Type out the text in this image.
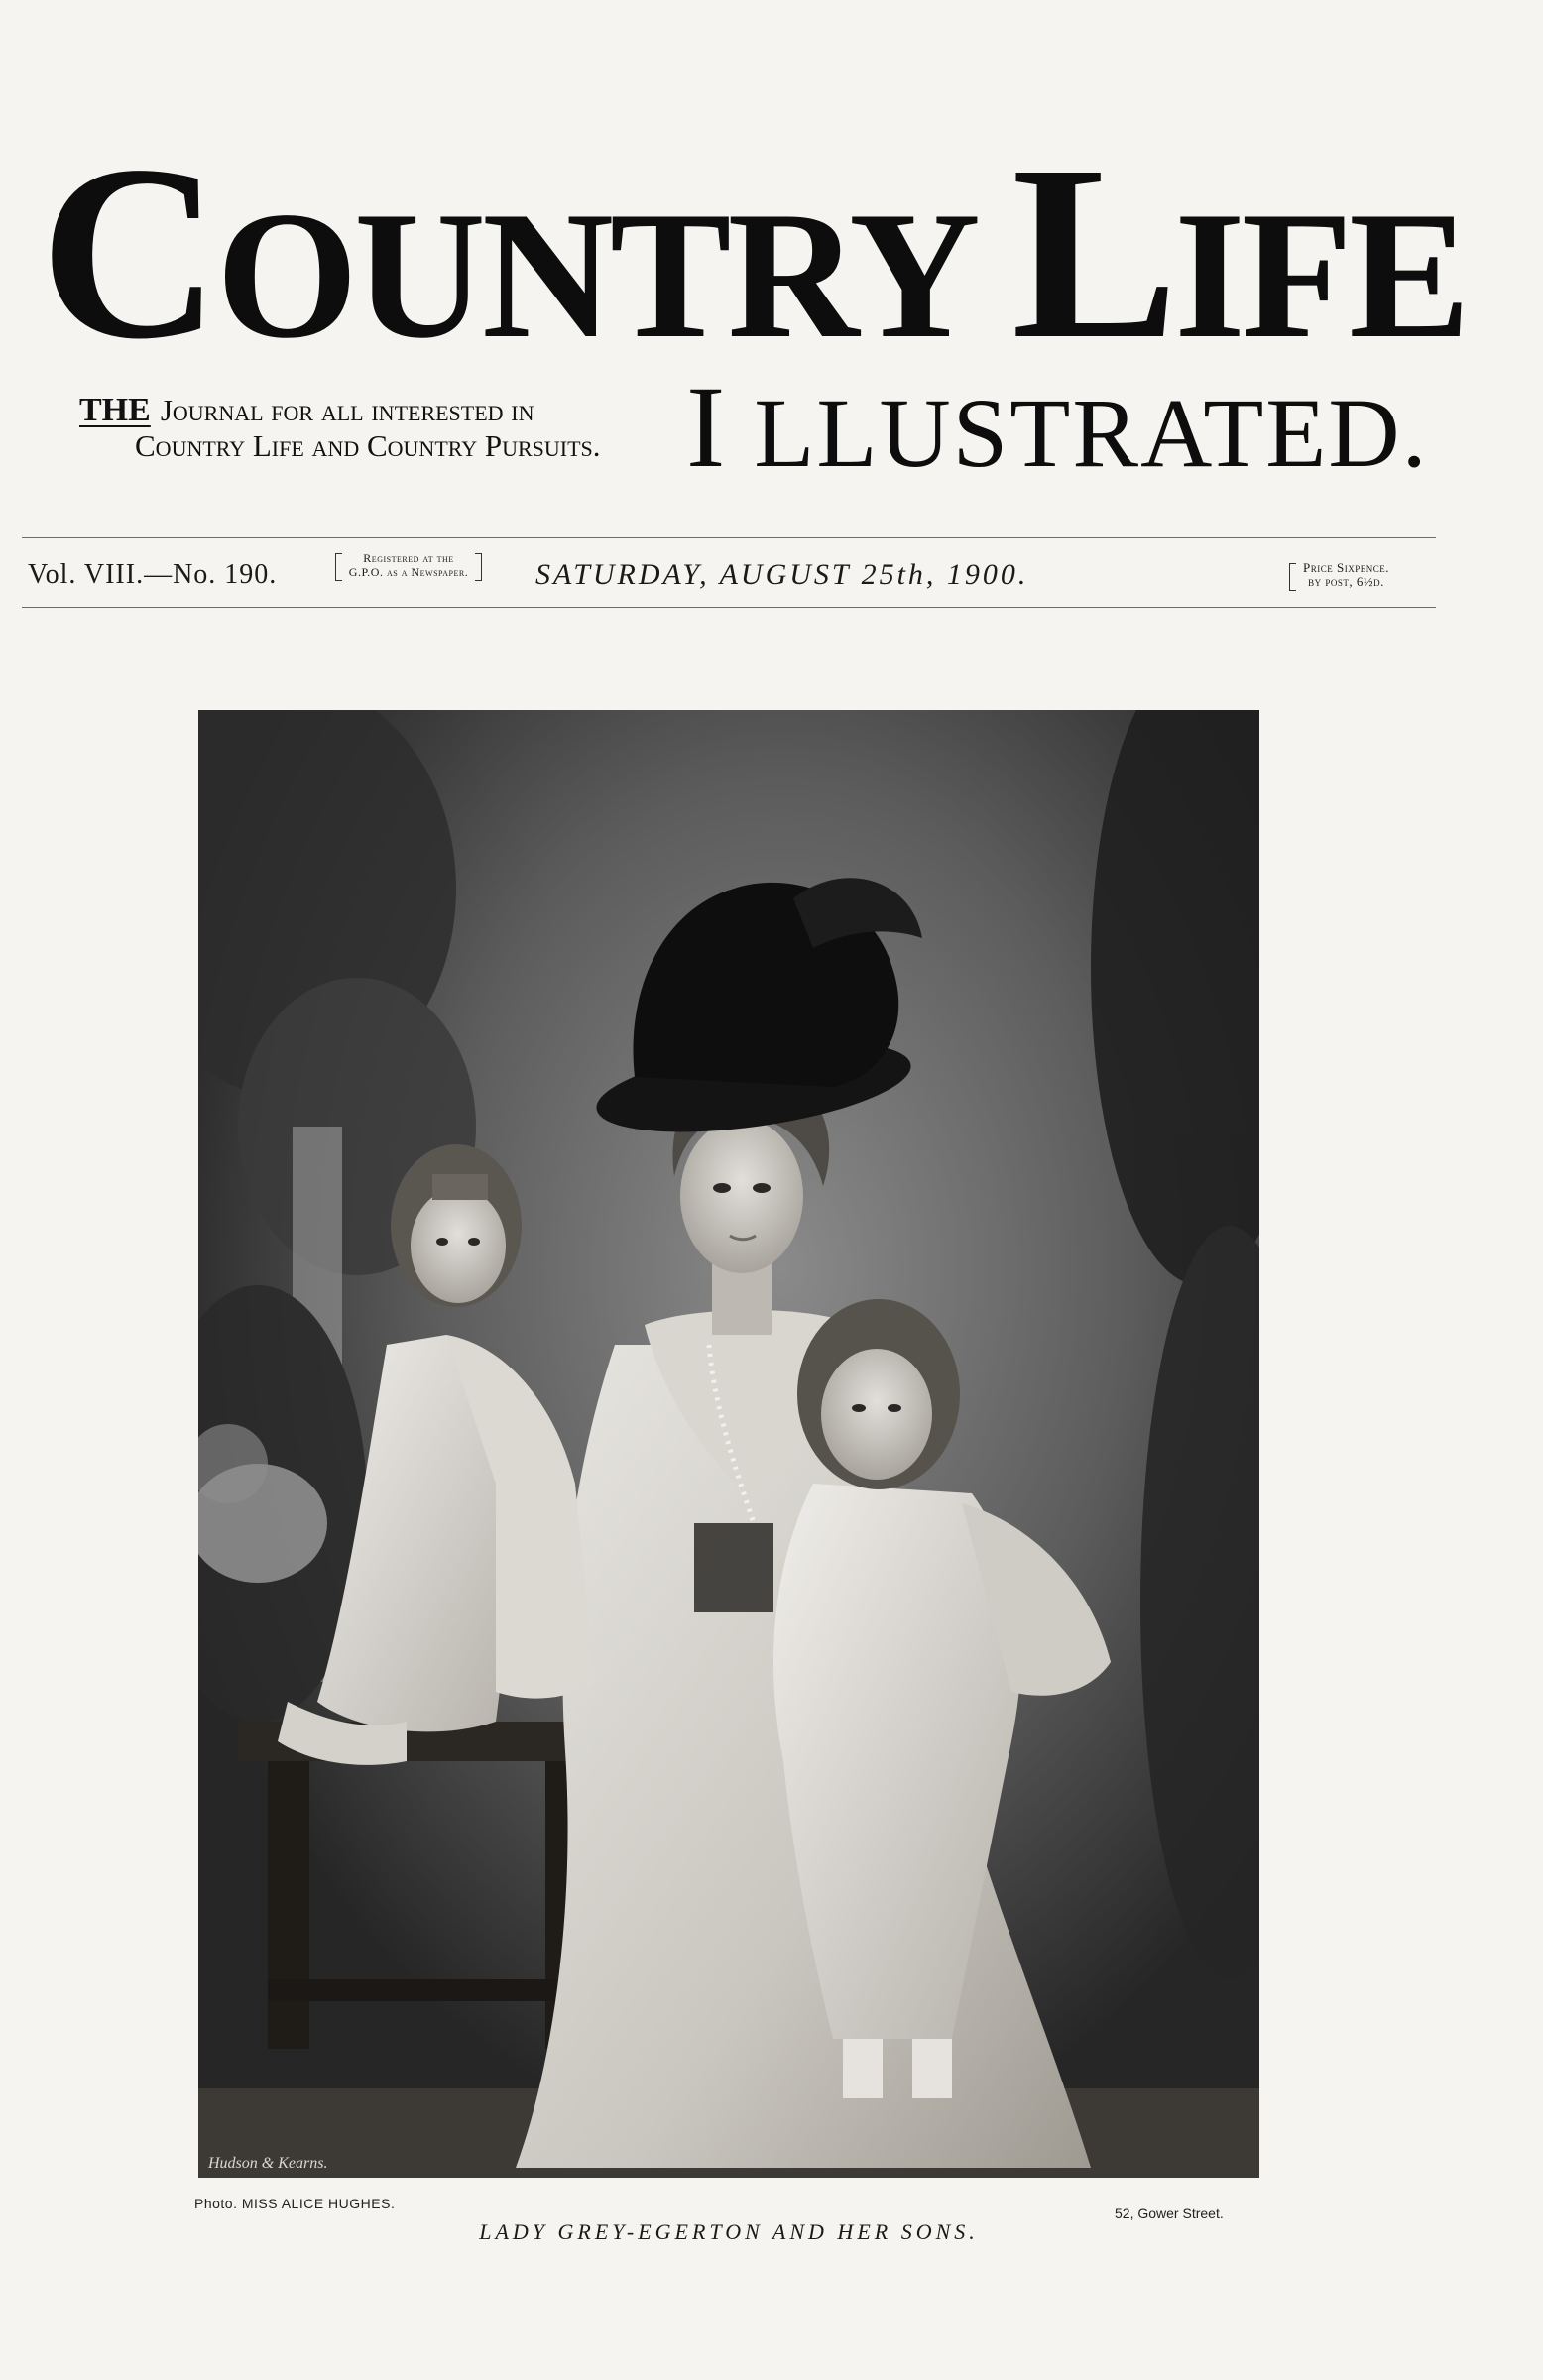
COUNTRY LIFE
THE Journal for all interested in
Country Life and Country Pursuits. I LLUSTRATED.
Vol. VIII.—No. 190.
Registered at the
G.P.O. as a Newspaper. SATURDAY, AUGUST 25th, 1900.	Price Sixpence.
by post, 6½d.
Hudson & Kearns.
Photo. MISS ALICE HUGHES.
52, Gower Street.
LADY GREY-EGERTON AND HER SONS.
